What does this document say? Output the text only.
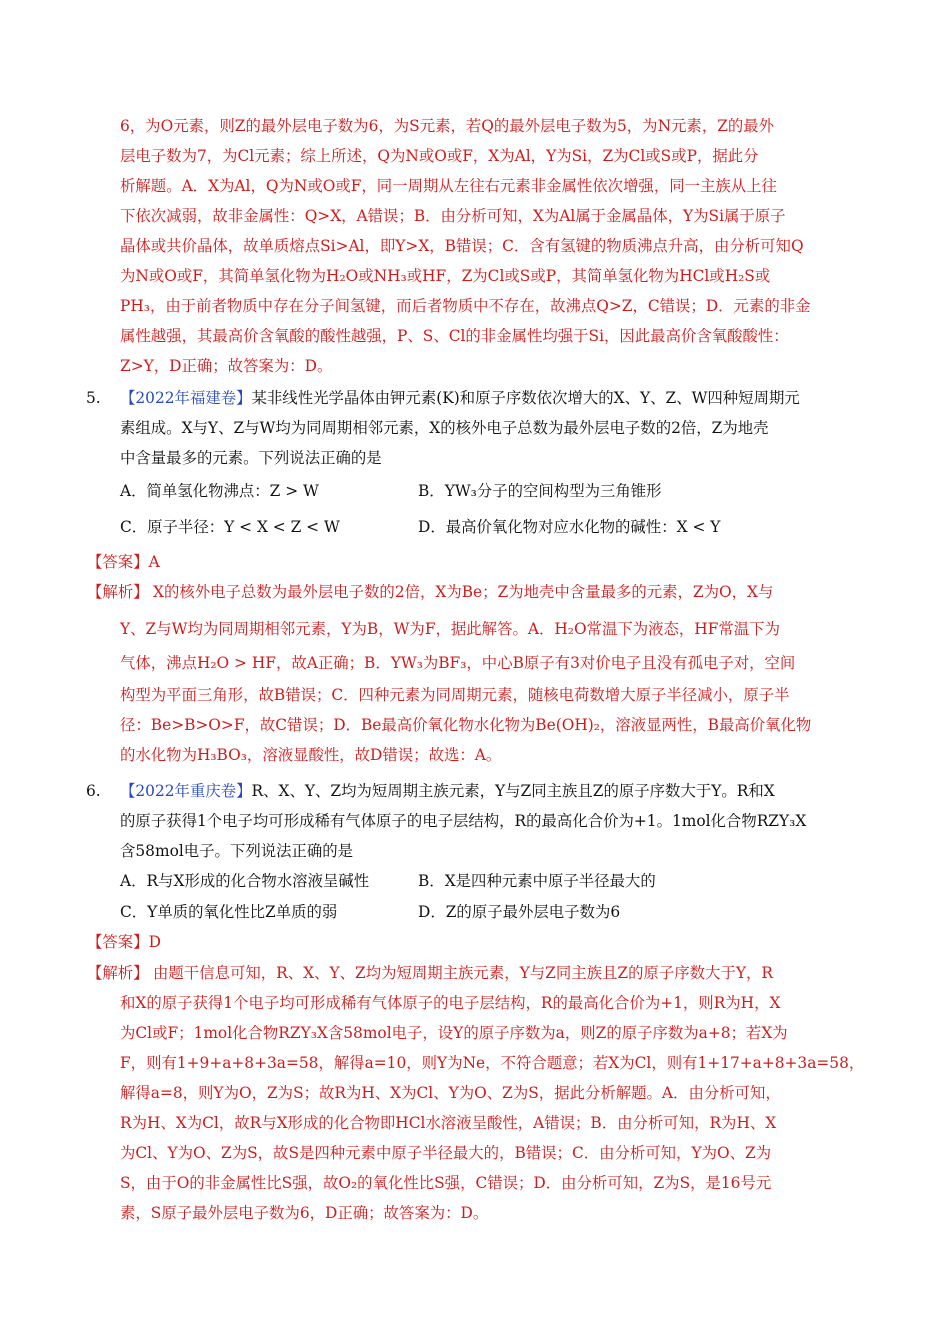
6，为O元素，则Z的最外层电子数为6，为S元素，若Q的最外层电子数为5，为N元素，Z的最外
层电子数为7，为Cl元素；综上所述，Q为N或O或F，X为Al，Y为Si，Z为Cl或S或P，据此分
析解题。A．X为Al，Q为N或O或F，同一周期从左往右元素非金属性依次增强，同一主族从上往
下依次减弱，故非金属性：Q>X，A错误；B．由分析可知，X为Al属于金属晶体，Y为Si属于原子
晶体或共价晶体，故单质熔点Si>Al，即Y>X，B错误；C．含有氢键的物质沸点升高，由分析可知Q
为N或O或F，其简单氢化物为H₂O或NH₃或HF，Z为Cl或S或P，其简单氢化物为HCl或H₂S或
PH₃，由于前者物质中存在分子间氢键，而后者物质中不存在，故沸点Q>Z，C错误；D．元素的非金
属性越强，其最高价含氧酸的酸性越强，P、S、Cl的非金属性均强于Si，因此最高价含氧酸酸性：
Z>Y，D正确；故答案为：D。
5. 【2022年福建卷】某非线性光学晶体由钾元素(K)和原子序数依次增大的X、Y、Z、W四种短周期元
素组成。X与Y、Z与W均为同周期相邻元素，X的核外电子总数为最外层电子数的2倍，Z为地壳
中含量最多的元素。下列说法正确的是
A．简单氢化物沸点：Z > W	B．YW₃分子的空间构型为三角锥形
C．原子半径：Y < X < Z < W	D．最高价氧化物对应水化物的碱性：X < Y
【答案】A
【解析】 X的核外电子总数为最外层电子数的2倍，X为Be；Z为地壳中含量最多的元素，Z为O，X与
Y、Z与W均为同周期相邻元素，Y为B，W为F，据此解答。A．H₂O常温下为液态，HF常温下为
气体，沸点H₂O > HF，故A正确；B．YW₃为BF₃，中心B原子有3对价电子且没有孤电子对，空间
构型为平面三角形，故B错误；C．四种元素为同周期元素，随核电荷数增大原子半径减小，原子半
径：Be>B>O>F，故C错误；D．Be最高价氧化物水化物为Be(OH)₂，溶液显两性，B最高价氧化物
的水化物为H₃BO₃，溶液显酸性，故D错误；故选：A。
6. 【2022年重庆卷】R、X、Y、Z均为短周期主族元素，Y与Z同主族且Z的原子序数大于Y。R和X
的原子获得1个电子均可形成稀有气体原子的电子层结构，R的最高化合价为+1。1mol化合物RZY₃X
含58mol电子。下列说法正确的是
A．R与X形成的化合物水溶液呈碱性	B．X是四种元素中原子半径最大的
C．Y单质的氧化性比Z单质的弱	D．Z的原子最外层电子数为6
【答案】D
【解析】 由题干信息可知，R、X、Y、Z均为短周期主族元素，Y与Z同主族且Z的原子序数大于Y，R
和X的原子获得1个电子均可形成稀有气体原子的电子层结构，R的最高化合价为+1，则R为H，X
为Cl或F；1mol化合物RZY₃X含58mol电子，设Y的原子序数为a，则Z的原子序数为a+8；若X为
F，则有1+9+a+8+3a=58，解得a=10，则Y为Ne，不符合题意；若X为Cl，则有1+17+a+8+3a=58，
解得a=8，则Y为O，Z为S；故R为H、X为Cl、Y为O、Z为S，据此分析解题。A．由分析可知，
R为H、X为Cl，故R与X形成的化合物即HCl水溶液呈酸性，A错误；B．由分析可知，R为H、X
为Cl、Y为O、Z为S，故S是四种元素中原子半径最大的，B错误；C．由分析可知，Y为O、Z为
S，由于O的非金属性比S强，故O₂的氧化性比S强，C错误；D．由分析可知，Z为S，是16号元
素，S原子最外层电子数为6，D正确；故答案为：D。
